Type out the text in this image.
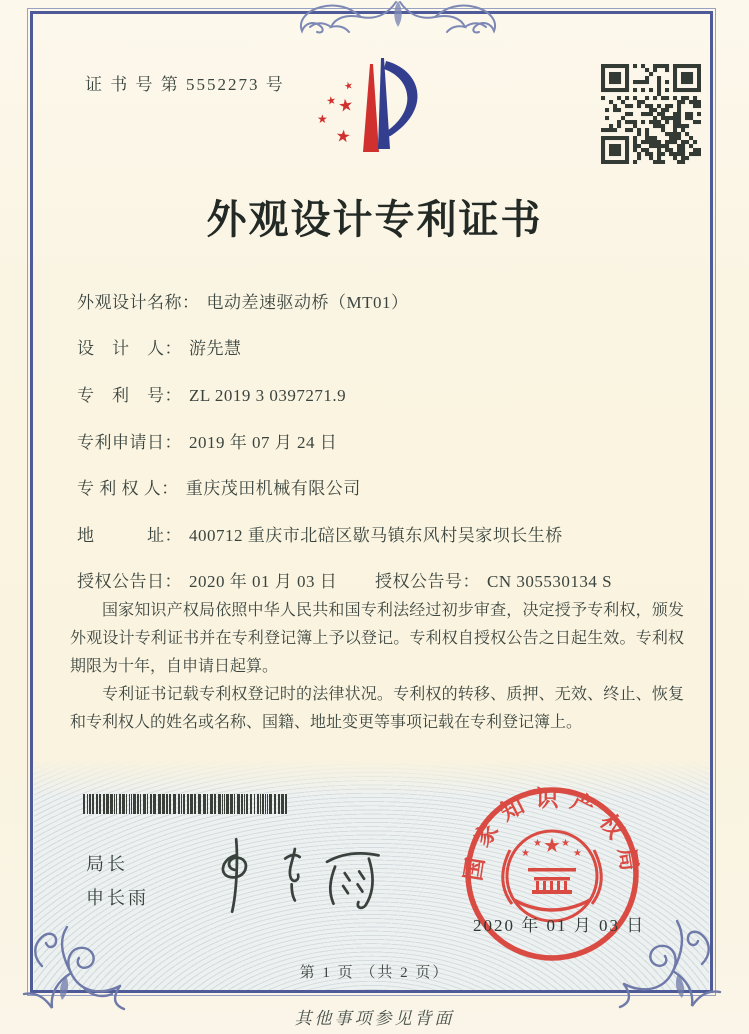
证 书 号 第 5552273 号	★
★ ★
★
★
外观设计专利证书
外观设计名称： 电动差速驱动桥（MT01）
设　计　人： 游先慧
专　利　号： ZL 2019 3 0397271.9
专利申请日： 2019 年 07 月 24 日
专 利 权 人： 重庆茂田机械有限公司
地　　　址： 400712 重庆市北碚区歇马镇东风村吴家坝长生桥
授权公告日： 2020 年 01 月 03 日 授权公告号： CN 305530134 S

国家知识产权局依照中华人民共和国专利法经过初步审查，决定授予专利权，颁发外观设计专利证书并在专利登记簿上予以登记。专利权自授权公告之日起生效。专利权期限为十年，自申请日起算。

专利证书记载专利权登记时的法律状况。专利权的转移、质押、无效、终止、恢复和专利权人的姓名或名称、国籍、地址变更等事项记载在专利登记簿上。

局长
申长雨
国家知识产权局
★
★
★ ★
★
2020 年 01 月 03 日
第 1 页 （共 2 页）
其他事项参见背面
